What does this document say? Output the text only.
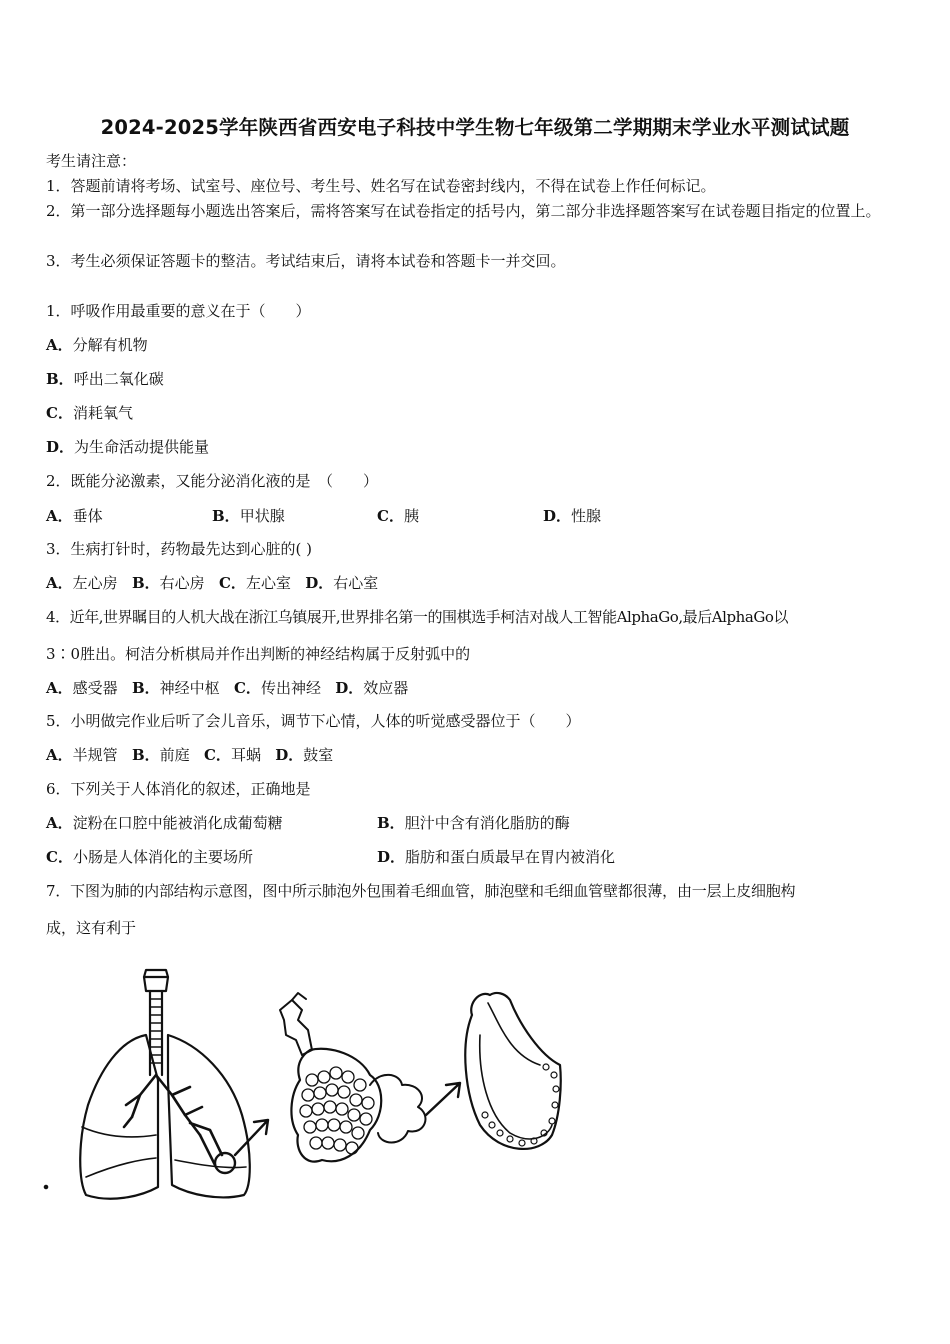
2024-2025学年陕西省西安电子科技中学生物七年级第二学期期末学业水平测试试题
考生请注意：
1．答题前请将考场、试室号、座位号、考生号、姓名写在试卷密封线内，不得在试卷上作任何标记。
2．第一部分选择题每小题选出答案后，需将答案写在试卷指定的括号内，第二部分非选择题答案写在试卷题目指定的位置上。
3．考生必须保证答题卡的整洁。考试结束后，请将本试卷和答题卡一并交回。
1．呼吸作用最重要的意义在于（　　）
A．分解有机物
B．呼出二氧化碳
C．消耗氧气
D．为生命活动提供能量
2．既能分泌激素，又能分泌消化液的是　（　　）
A．垂体	B．甲状腺	C．胰	D．性腺
3．生病打针时，药物最先达到心脏的( )
A．左心房 B．右心房 C．左心室 D．右心室
4．近年,世界瞩目的人机大战在浙江乌镇展开,世界排名第一的围棋选手柯洁对战人工智能AlphaGo,最后AlphaGo以
3∶0胜出。柯洁分析棋局并作出判断的神经结构属于反射弧中的
A．感受器 B．神经中枢 C．传出神经 D．效应器
5．小明做完作业后听了会儿音乐，调节下心情，人体的听觉感受器位于（　　）
A．半规管 B．前庭 C．耳蜗 D．鼓室
6．下列关于人体消化的叙述，正确地是
A．淀粉在口腔中能被消化成葡萄糖	B．胆汁中含有消化脂肪的酶
C．小肠是人体消化的主要场所	D．脂肪和蛋白质最早在胃内被消化
7．下图为肺的内部结构示意图，图中所示肺泡外包围着毛细血管，肺泡壁和毛细血管壁都很薄，由一层上皮细胞构
成，这有利于
